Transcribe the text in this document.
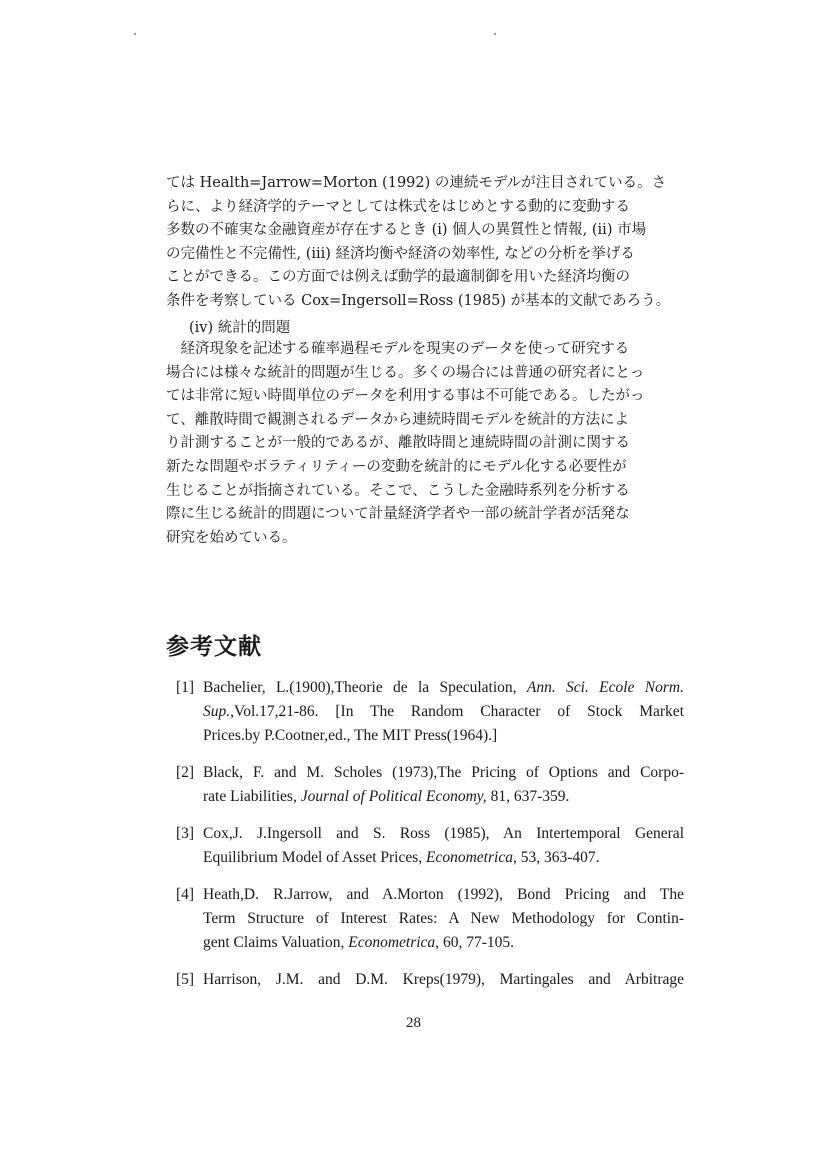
ては Health=Jarrow=Morton (1992) の連続モデルが注目されている。さ
らに、より経済学的テーマとしては株式をはじめとする動的に変動する
多数の不確実な金融資産が存在するとき (i) 個人の異質性と情報, (ii) 市場
の完備性と不完備性, (iii) 経済均衡や経済の効率性, などの分析を挙げる
ことができる。この方面では例えば動学的最適制御を用いた経済均衡の
条件を考察している Cox=Ingersoll=Ross (1985) が基本的文献であろう。

(iv) 統計的問題

　経済現象を記述する確率過程モデルを現実のデータを使って研究する
場合には様々な統計的問題が生じる。多くの場合には普通の研究者にとっ
ては非常に短い時間単位のデータを利用する事は不可能である。したがっ
て、離散時間で観測されるデータから連続時間モデルを統計的方法によ
り計測することが一般的であるが、離散時間と連続時間の計測に関する
新たな問題やボラティリティーの変動を統計的にモデル化する必要性が
生じることが指摘されている。そこで、こうした金融時系列を分析する
際に生じる統計的問題について計量経済学者や一部の統計学者が活発な
研究を始めている。

参考文献
[1] Bachelier, L.(1900),Theorie de la Speculation, Ann. Sci. Ecole Norm.
Sup.,Vol.17,21-86. [In The Random Character of Stock Market
Prices.by P.Cootner,ed., The MIT Press(1964).]
[2] Black, F. and M. Scholes (1973),The Pricing of Options and Corpo-
rate Liabilities, Journal of Political Economy, 81, 637-359.
[3] Cox,J. J.Ingersoll and S. Ross (1985), An Intertemporal General
Equilibrium Model of Asset Prices, Econometrica, 53, 363-407.
[4] Heath,D. R.Jarrow, and A.Morton (1992), Bond Pricing and The
Term Structure of Interest Rates: A New Methodology for Contin-
gent Claims Valuation, Econometrica, 60, 77-105.
[5] Harrison, J.M. and D.M. Kreps(1979), Martingales and Arbitrage
28
